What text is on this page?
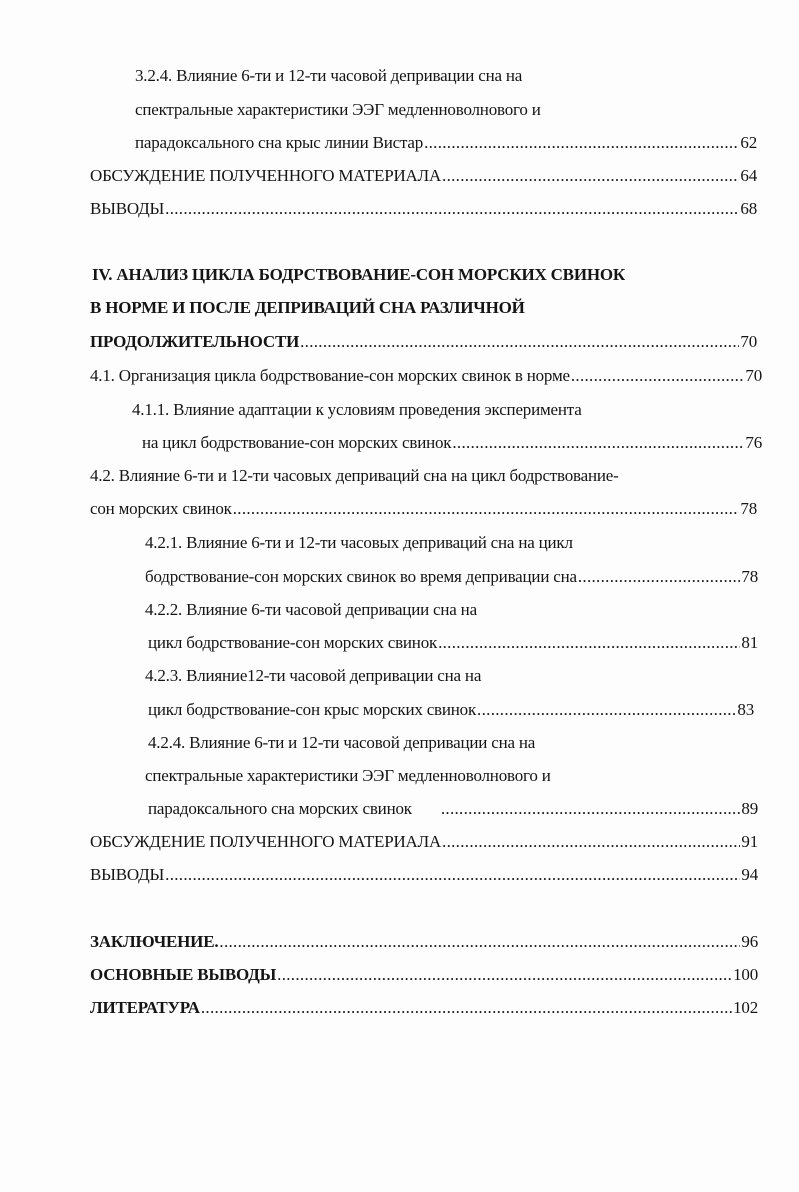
3.2.4. Влияние 6-ти и 12-ти часовой депривации сна на
спектральные характеристики ЭЭГ медленноволнового и
парадоксального сна крыс линии Вистар .....	62
ОБСУЖДЕНИЕ ПОЛУЧЕННОГО МАТЕРИАЛА .....	64
ВЫВОДЫ .....	68
IV. АНАЛИЗ ЦИКЛА БОДРСТВОВАНИЕ-СОН МОРСКИХ СВИНОК
В НОРМЕ И ПОСЛЕ ДЕПРИВАЦИЙ СНА РАЗЛИЧНОЙ
ПРОДОЛЖИТЕЛЬНОСТИ .....	70
4.1. Организация цикла бодрствование-сон морских свинок в норме .....	70
4.1.1. Влияние адаптации к условиям проведения эксперимента
на цикл бодрствование-сон морских свинок .....	76
4.2. Влияние 6-ти и 12-ти часовых деприваций сна на цикл бодрствование-
сон морских свинок .....	78
4.2.1. Влияние 6-ти и 12-ти часовых деприваций сна на цикл
бодрствование-сон морских свинок во время депривации сна .....	78
4.2.2. Влияние 6-ти часовой депривации сна на
цикл бодрствование-сон морских свинок .....	81
4.2.3. Влияние12-ти часовой депривации сна на
цикл бодрствование-сон крыс морских свинок .....	83
4.2.4. Влияние 6-ти и 12-ти часовой депривации сна на
спектральные характеристики ЭЭГ медленноволнового и
парадоксального сна морских свинок .....	89
ОБСУЖДЕНИЕ ПОЛУЧЕННОГО МАТЕРИАЛА .....	91
ВЫВОДЫ .....	94
ЗАКЛЮЧЕНИЕ. .....	96
ОСНОВНЫЕ ВЫВОДЫ .....	100
ЛИТЕРАТУРА .....	102
